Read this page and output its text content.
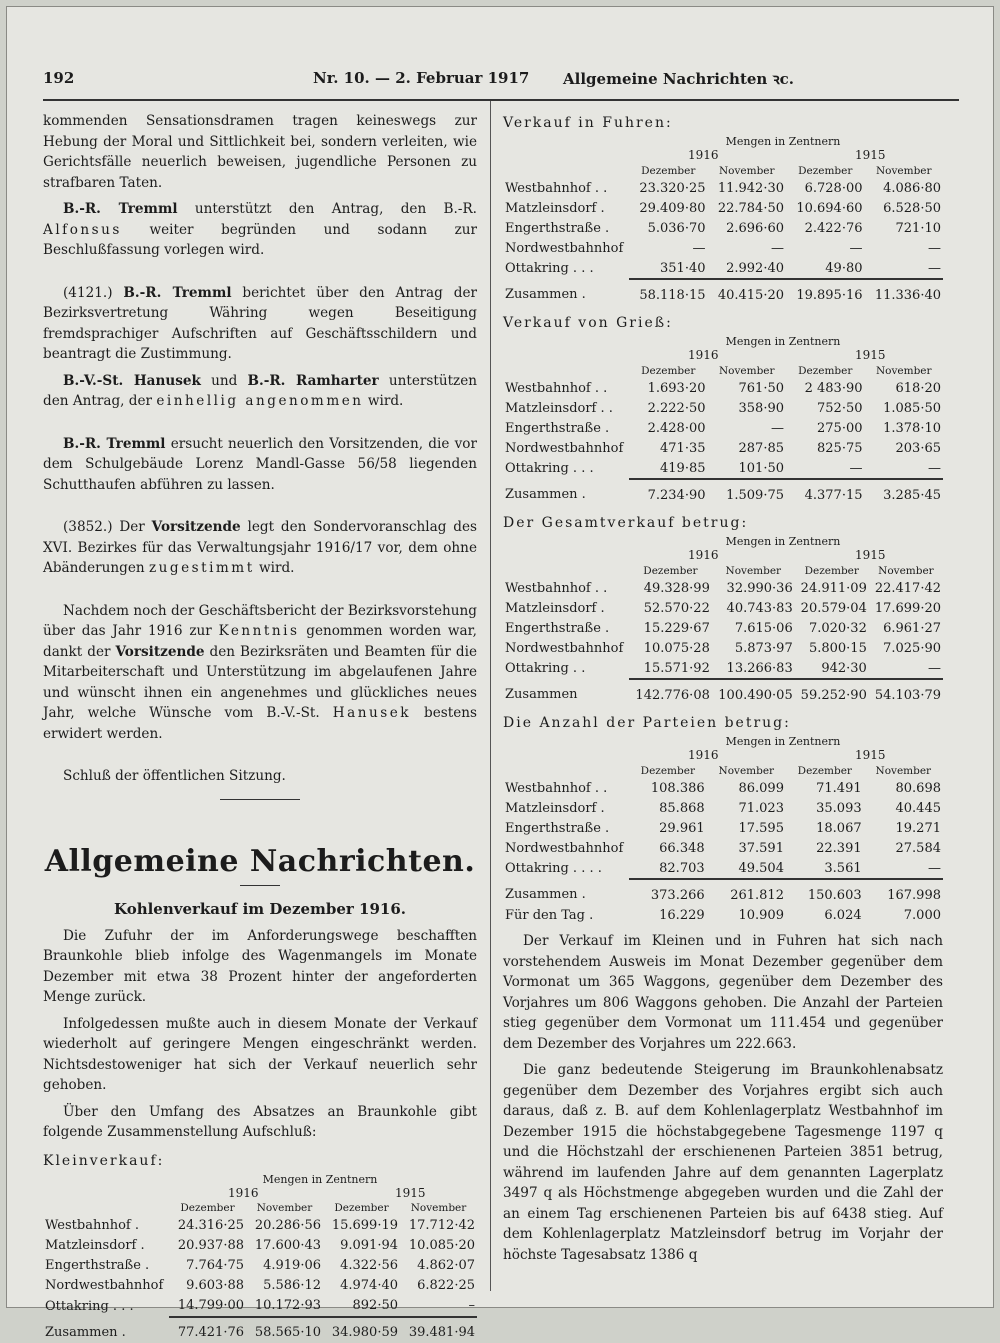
192	Nr. 10. — 2. Februar 1917 Allgemeine Nachrichten ꝛc.

kommenden Sensationsdramen tragen keineswegs zur Hebung der Moral und Sittlichkeit bei, sondern verleiten, wie Gerichtsfälle neuerlich beweisen, jugendliche Personen zu strafbaren Taten.

B.-R. Tremml unterstützt den Antrag, den B.-R. Alfonsus weiter begründen und sodann zur Beschlußfassung vorlegen wird.

(4121.) B.-R. Tremml berichtet über den Antrag der Bezirksvertretung Währing wegen Beseitigung fremdsprachiger Aufschriften auf Geschäftsschildern und beantragt die Zustimmung.

B.-V.-St. Hanusek und B.-R. Ramharter unterstützen den Antrag, der einhellig angenommen wird.

B.-R. Tremml ersucht neuerlich den Vorsitzenden, die vor dem Schulgebäude Lorenz Mandl-Gasse 56/58 liegenden Schutthaufen abführen zu lassen.

(3852.) Der Vorsitzende legt den Sondervoranschlag des XVI. Bezirkes für das Verwaltungsjahr 1916/17 vor, dem ohne Abänderungen zugestimmt wird.

Nachdem noch der Geschäftsbericht der Bezirksvorstehung über das Jahr 1916 zur Kenntnis genommen worden war, dankt der Vorsitzende den Bezirksräten und Beamten für die Mitarbeiterschaft und Unterstützung im abgelaufenen Jahre und wünscht ihnen ein angenehmes und glückliches neues Jahr, welche Wünsche vom B.-V.-St. Hanusek bestens erwidert werden.

Schluß der öffentlichen Sitzung.

Allgemeine Nachrichten.
Kohlenverkauf im Dezember 1916.

Die Zufuhr der im Anforderungswege beschafften Braunkohle blieb infolge des Wagenmangels im Monate Dezember mit etwa 38 Prozent hinter der angeforderten Menge zurück.

Infolgedessen mußte auch in diesem Monate der Verkauf wiederholt auf geringere Mengen eingeschränkt werden. Nichtsdestoweniger hat sich der Verkauf neuerlich sehr gehoben.

Über den Umfang des Absatzes an Braunkohle gibt folgende Zusammenstellung Aufschluß:

Kleinverkauf:
Mengen in Zentnern
1916	1915
	Dezember	November	Dezember	November
Westbahnhof .	24.316·25	20.286·56	15.699·19	17.712·42
Matzleinsdorf .	20.937·88	17.600·43	9.091·94	10.085·20
Engerthstraße .	7.764·75	4.919·06	4.322·56	4.862·07
Nordwestbahnhof	9.603·88	5.586·12	4.974·40	6.822·25
Ottakring . . .	14.799·00	10.172·93	892·50	–
Zusammen .	77.421·76	58.565·10	34.980·59	39.481·94
Verkauf in Fuhren:
Mengen in Zentnern
1916	1915
	Dezember	November	Dezember	November
Westbahnhof . .	23.320·25	11.942·30	6.728·00	4.086·80
Matzleinsdorf .	29.409·80	22.784·50	10.694·60	6.528·50
Engerthstraße .	5.036·70	2.696·60	2.422·76	721·10
Nordwestbahnhof	—	—	—	—
Ottakring . . .	351·40	2.992·40	49·80	—
Zusammen .	58.118·15	40.415·20	19.895·16	11.336·40
Verkauf von Grieß:
Mengen in Zentnern
1916	1915
	Dezember	November	Dezember	November
Westbahnhof . .	1.693·20	761·50	2 483·90	618·20
Matzleinsdorf . .	2.222·50	358·90	752·50	1.085·50
Engerthstraße .	2.428·00	—	275·00	1.378·10
Nordwestbahnhof	471·35	287·85	825·75	203·65
Ottakring . . .	419·85	101·50	—	—
Zusammen .	7.234·90	1.509·75	4.377·15	3.285·45
Der Gesamtverkauf betrug:
Mengen in Zentnern
1916	1915
	Dezember	November	Dezember	November
Westbahnhof . .	49.328·99	32.990·36	24.911·09	22.417·42
Matzleinsdorf .	52.570·22	40.743·83	20.579·04	17.699·20
Engerthstraße .	15.229·67	7.615·06	7.020·32	6.961·27
Nordwestbahnhof	10.075·28	5.873·97	5.800·15	7.025·90
Ottakring . .	15.571·92	13.266·83	942·30	—
Zusammen	142.776·08	100.490·05	59.252·90	54.103·79
Die Anzahl der Parteien betrug:
Mengen in Zentnern
1916	1915
	Dezember	November	Dezember	November
Westbahnhof . .	108.386	86.099	71.491	80.698
Matzleinsdorf .	85.868	71.023	35.093	40.445
Engerthstraße .	29.961	17.595	18.067	19.271
Nordwestbahnhof	66.348	37.591	22.391	27.584
Ottakring . . . .	82.703	49.504	3.561	—
Zusammen .	373.266	261.812	150.603	167.998
Für den Tag .	16.229	10.909	6.024	7.000

Der Verkauf im Kleinen und in Fuhren hat sich nach vorstehendem Ausweis im Monat Dezember gegenüber dem Vormonat um 365 Waggons, gegenüber dem Dezember des Vorjahres um 806 Waggons gehoben. Die Anzahl der Parteien stieg gegenüber dem Vormonat um 111.454 und gegenüber dem Dezember des Vorjahres um 222.663.

Die ganz bedeutende Steigerung im Braunkohlenabsatz gegenüber dem Dezember des Vorjahres ergibt sich auch daraus, daß z. B. auf dem Kohlenlagerplatz Westbahnhof im Dezember 1915 die höchstabgegebene Tagesmenge 1197 q und die Höchstzahl der erschienenen Parteien 3851 betrug, während im laufenden Jahre auf dem genannten Lagerplatz 3497 q als Höchstmenge abgegeben wurden und die Zahl der an einem Tag erschienenen Parteien bis auf 6438 stieg. Auf dem Kohlenlagerplatz Matzleinsdorf betrug im Vorjahr der höchste Tagesabsatz 1386 q
